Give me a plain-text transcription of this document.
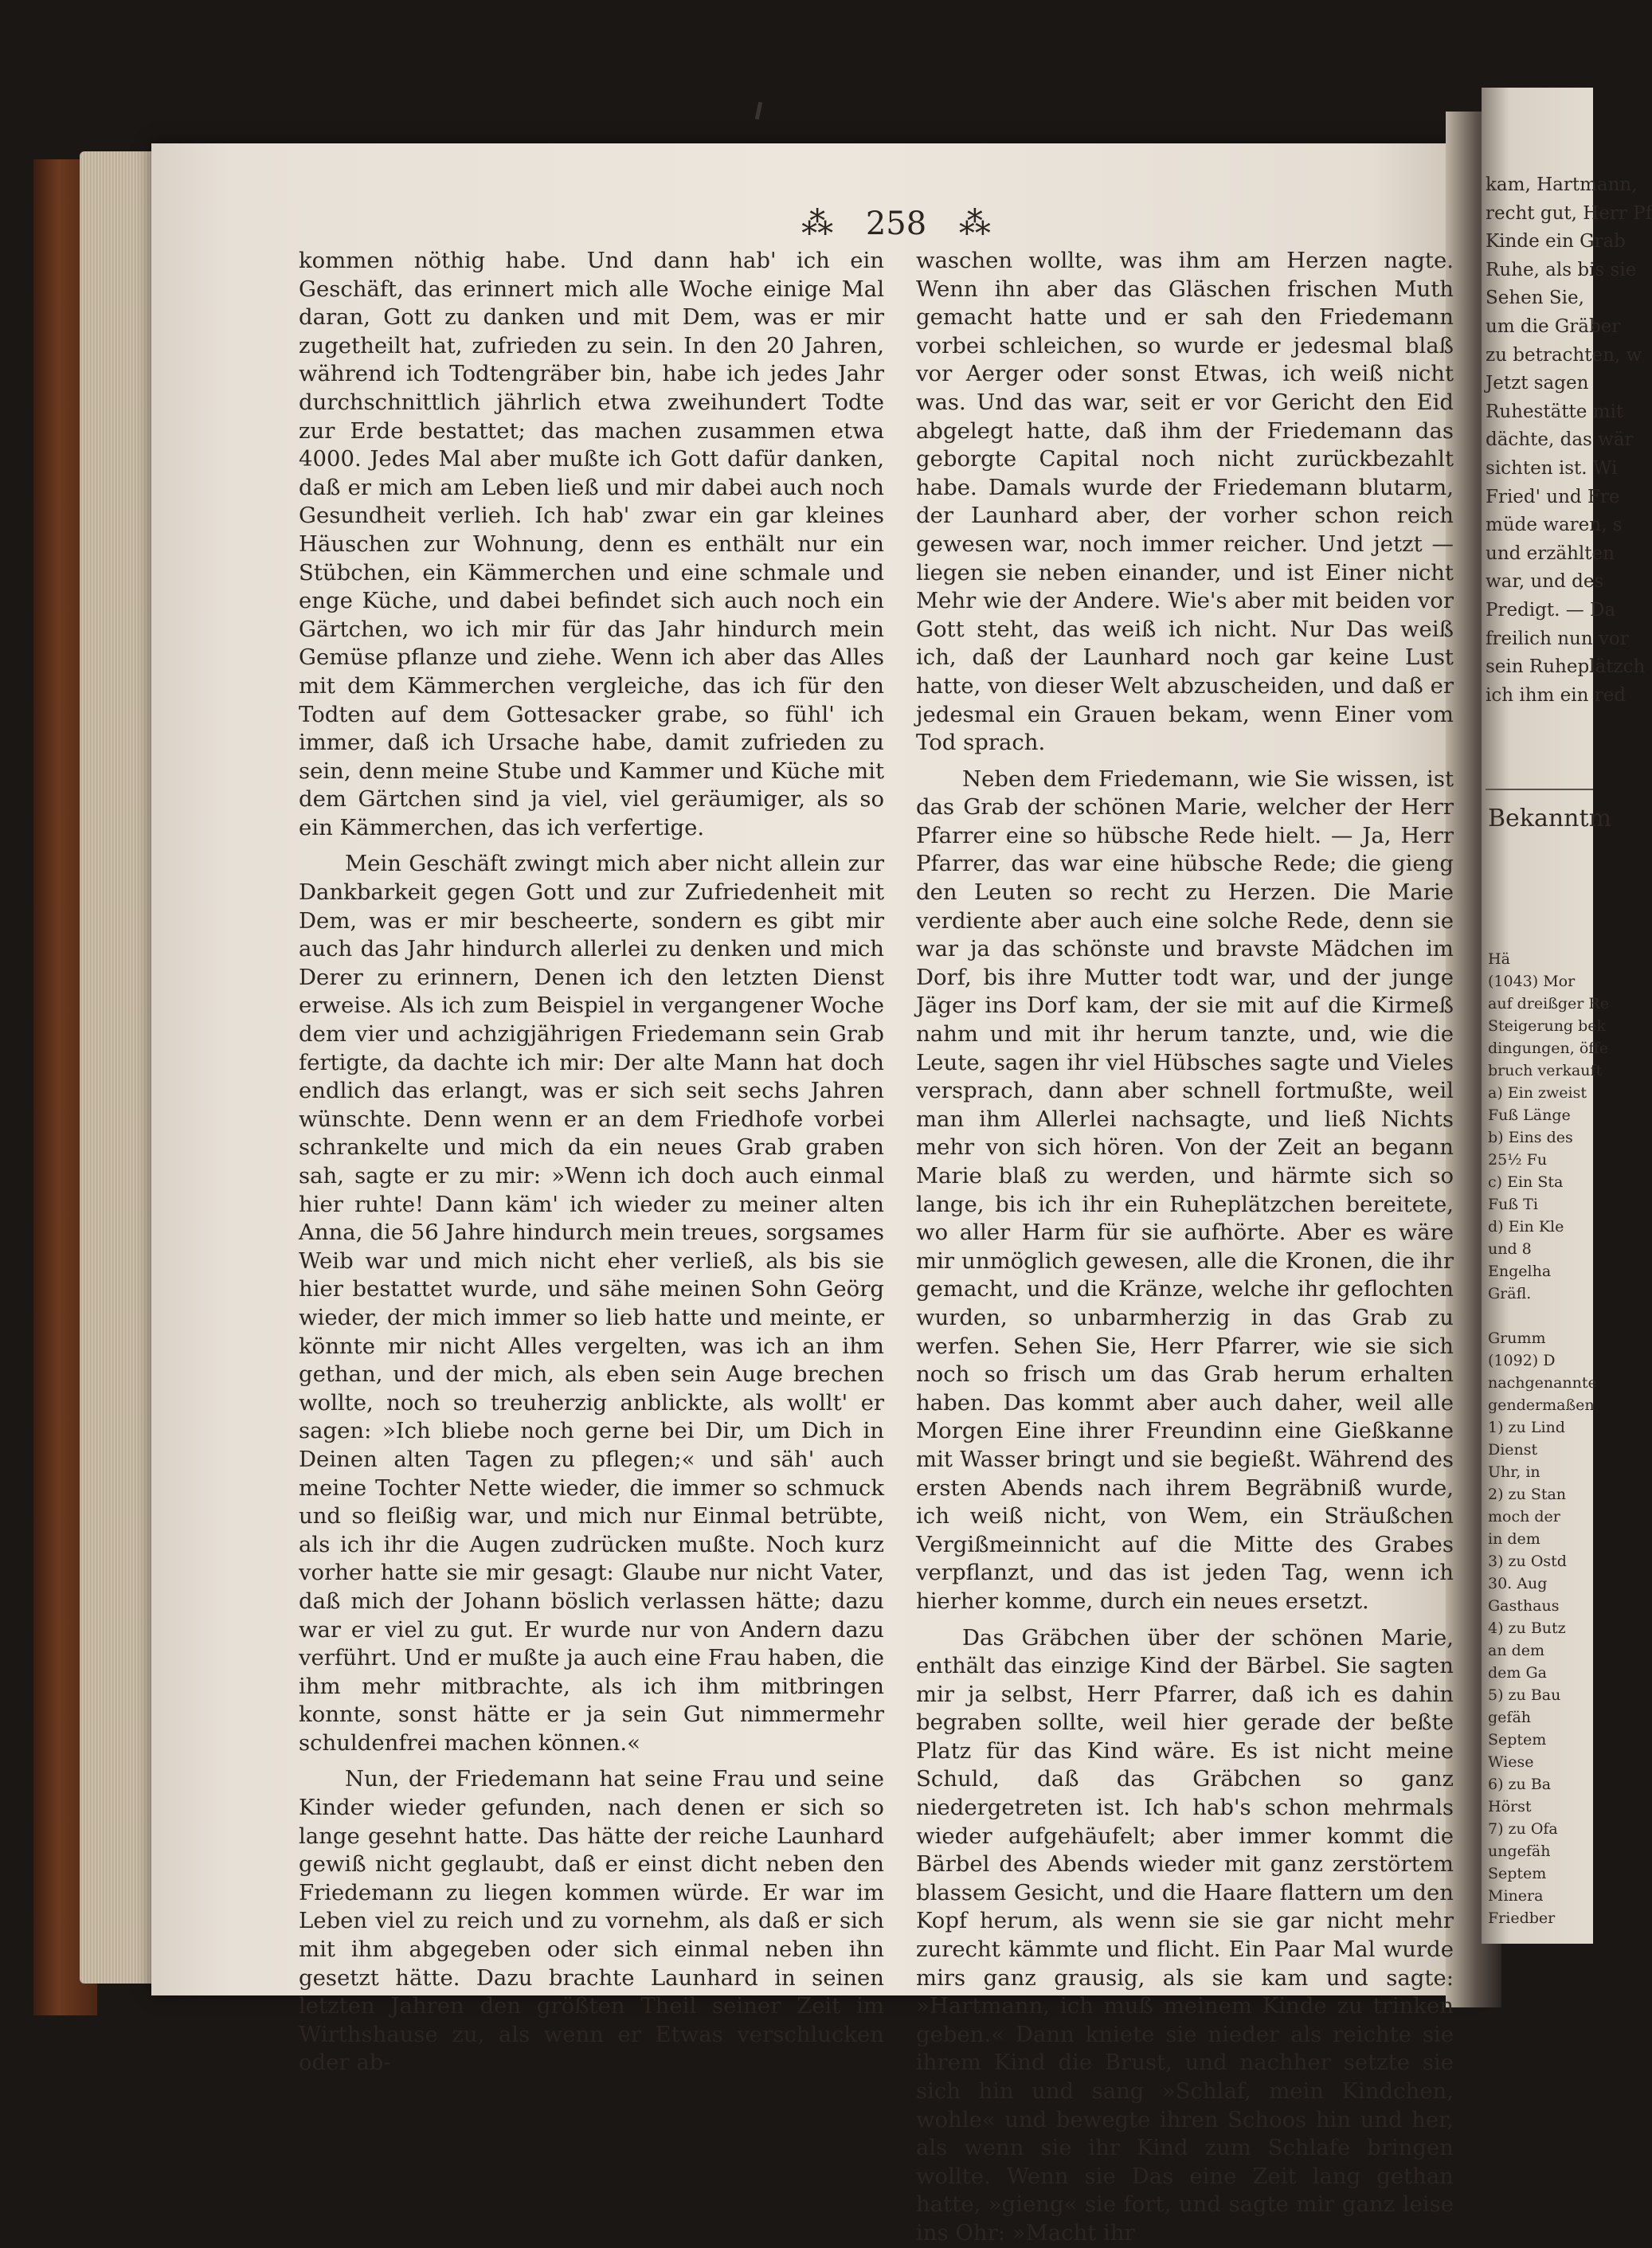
⁂ 258 ⁂

kommen nöthig habe. Und dann hab' ich ein Geschäft, das erinnert mich alle Woche einige Mal daran, Gott zu danken und mit Dem, was er mir zugetheilt hat, zufrieden zu sein. In den 20 Jahren, während ich Todtengräber bin, habe ich jedes Jahr durchschnittlich jährlich etwa zweihundert Todte zur Erde bestattet; das machen zusammen etwa 4000. Jedes Mal aber mußte ich Gott dafür danken, daß er mich am Leben ließ und mir dabei auch noch Gesundheit verlieh. Ich hab' zwar ein gar kleines Häuschen zur Wohnung, denn es enthält nur ein Stübchen, ein Kämmerchen und eine schmale und enge Küche, und dabei befindet sich auch noch ein Gärtchen, wo ich mir für das Jahr hindurch mein Gemüse pflanze und ziehe. Wenn ich aber das Alles mit dem Kämmerchen vergleiche, das ich für den Todten auf dem Gottesacker grabe, so fühl' ich immer, daß ich Ursache habe, damit zufrieden zu sein, denn meine Stube und Kammer und Küche mit dem Gärtchen sind ja viel, viel geräumiger, als so ein Kämmerchen, das ich verfertige.

Mein Geschäft zwingt mich aber nicht allein zur Dankbarkeit gegen Gott und zur Zufriedenheit mit Dem, was er mir bescheerte, sondern es gibt mir auch das Jahr hindurch allerlei zu denken und mich Derer zu erinnern, Denen ich den letzten Dienst erweise. Als ich zum Beispiel in vergangener Woche dem vier und achzigjährigen Friedemann sein Grab fertigte, da dachte ich mir: Der alte Mann hat doch endlich das erlangt, was er sich seit sechs Jahren wünschte. Denn wenn er an dem Friedhofe vorbei schrankelte und mich da ein neues Grab graben sah, sagte er zu mir: »Wenn ich doch auch einmal hier ruhte! Dann käm' ich wieder zu meiner alten Anna, die 56 Jahre hindurch mein treues, sorgsames Weib war und mich nicht eher verließ, als bis sie hier bestattet wurde, und sähe meinen Sohn Geörg wieder, der mich immer so lieb hatte und meinte, er könnte mir nicht Alles vergelten, was ich an ihm gethan, und der mich, als eben sein Auge brechen wollte, noch so treuherzig anblickte, als wollt' er sagen: »Ich bliebe noch gerne bei Dir, um Dich in Deinen alten Tagen zu pflegen;« und säh' auch meine Tochter Nette wieder, die immer so schmuck und so fleißig war, und mich nur Einmal betrübte, als ich ihr die Augen zudrücken mußte. Noch kurz vorher hatte sie mir gesagt: Glaube nur nicht Vater, daß mich der Johann böslich verlassen hätte; dazu war er viel zu gut. Er wurde nur von Andern dazu verführt. Und er mußte ja auch eine Frau haben, die ihm mehr mitbrachte, als ich ihm mitbringen konnte, sonst hätte er ja sein Gut nimmermehr schuldenfrei machen können.«

Nun, der Friedemann hat seine Frau und seine Kinder wieder gefunden, nach denen er sich so lange gesehnt hatte. Das hätte der reiche Launhard gewiß nicht geglaubt, daß er einst dicht neben den Friedemann zu liegen kommen würde. Er war im Leben viel zu reich und zu vornehm, als daß er sich mit ihm abgegeben oder sich einmal neben ihn gesetzt hätte. Dazu brachte Launhard in seinen letzten Jahren den größten Theil seiner Zeit im Wirthshause zu, als wenn er Etwas verschlucken oder ab-

waschen wollte, was ihm am Herzen nagte. Wenn ihn aber das Gläschen frischen Muth gemacht hatte und er sah den Friedemann vorbei schleichen, so wurde er jedesmal blaß vor Aerger oder sonst Etwas, ich weiß nicht was. Und das war, seit er vor Gericht den Eid abgelegt hatte, daß ihm der Friedemann das geborgte Capital noch nicht zurückbezahlt habe. Damals wurde der Friedemann blutarm, der Launhard aber, der vorher schon reich gewesen war, noch immer reicher. Und jetzt — liegen sie neben einander, und ist Einer nicht Mehr wie der Andere. Wie's aber mit beiden vor Gott steht, das weiß ich nicht. Nur Das weiß ich, daß der Launhard noch gar keine Lust hatte, von dieser Welt abzuscheiden, und daß er jedesmal ein Grauen bekam, wenn Einer vom Tod sprach.

Neben dem Friedemann, wie Sie wissen, ist das Grab der schönen Marie, welcher der Herr Pfarrer eine so hübsche Rede hielt. — Ja, Herr Pfarrer, das war eine hübsche Rede; die gieng den Leuten so recht zu Herzen. Die Marie verdiente aber auch eine solche Rede, denn sie war ja das schönste und bravste Mädchen im Dorf, bis ihre Mutter todt war, und der junge Jäger ins Dorf kam, der sie mit auf die Kirmeß nahm und mit ihr herum tanzte, und, wie die Leute, sagen ihr viel Hübsches sagte und Vieles versprach, dann aber schnell fortmußte, weil man ihm Allerlei nachsagte, und ließ Nichts mehr von sich hören. Von der Zeit an begann Marie blaß zu werden, und härmte sich so lange, bis ich ihr ein Ruheplätzchen bereitete, wo aller Harm für sie aufhörte. Aber es wäre mir unmöglich gewesen, alle die Kronen, die ihr gemacht, und die Kränze, welche ihr geflochten wurden, so unbarmherzig in das Grab zu werfen. Sehen Sie, Herr Pfarrer, wie sie sich noch so frisch um das Grab herum erhalten haben. Das kommt aber auch daher, weil alle Morgen Eine ihrer Freundinn eine Gießkanne mit Wasser bringt und sie begießt. Während des ersten Abends nach ihrem Begräbniß wurde, ich weiß nicht, von Wem, ein Sträußchen Vergißmeinnicht auf die Mitte des Grabes verpflanzt, und das ist jeden Tag, wenn ich hierher komme, durch ein neues ersetzt.

Das Gräbchen über der schönen Marie, enthält das einzige Kind der Bärbel. Sie sagten mir ja selbst, Herr Pfarrer, daß ich es dahin begraben sollte, weil hier gerade der beßte Platz für das Kind wäre. Es ist nicht meine Schuld, daß das Gräbchen so ganz niedergetreten ist. Ich hab's schon mehrmals wieder aufgehäufelt; aber immer kommt die Bärbel des Abends wieder mit ganz zerstörtem blassem Gesicht, und die Haare flattern um den Kopf herum, als wenn sie sie gar nicht mehr zurecht kämmte und flicht. Ein Paar Mal wurde mirs ganz grausig, als sie kam und sagte: »Hartmann, ich muß meinem Kinde zu trinken geben.« Dann kniete sie nieder als reichte sie ihrem Kind die Brust, und nachher setzte sie sich hin und sang »Schlaf, mein Kindchen, wohle« und bewegte ihren Schoos hin und her, als wenn sie ihr Kind zum Schlafe bringen wollte. Wenn sie Das eine Zeit lang gethan hatte, »gieng« sie fort, und sagte mir ganz leise ins Ohr: »Macht ihr

kam, Hartmann,
recht gut, Herr Pf
Kinde ein Grab
Ruhe, als bis sie
Sehen Sie,
um die Gräber
zu betrachten, w
Jetzt sagen
Ruhestätte mit
dächte, das wär
sichten ist. Wi
Fried' und Fre
müde waren, s
und erzählten
war, und des
Predigt. — Da
freilich nun vor
sein Ruheplätzch
ich ihm ein red
Bekanntm
Hä
(1043) Mor
auf dreißger Re
Steigerung bek
dingungen, öffe
bruch verkauft
a) Ein zweist
Fuß Länge
b) Eins des
25½ Fu
c) Ein Sta
Fuß Ti
d) Ein Kle
und 8
Engelha
Gräfl.

Grumm
(1092) D
nachgenannte
gendermaßen
1) zu Lind
Dienst
Uhr, in
2) zu Stan
moch der
in dem
3) zu Ostd
30. Aug
Gasthaus
4) zu Butz
an dem
dem Ga
5) zu Bau
gefäh
Septem
Wiese
6) zu Ba
Hörst
7) zu Ofa
ungefäh
Septem
Minera
Friedber
